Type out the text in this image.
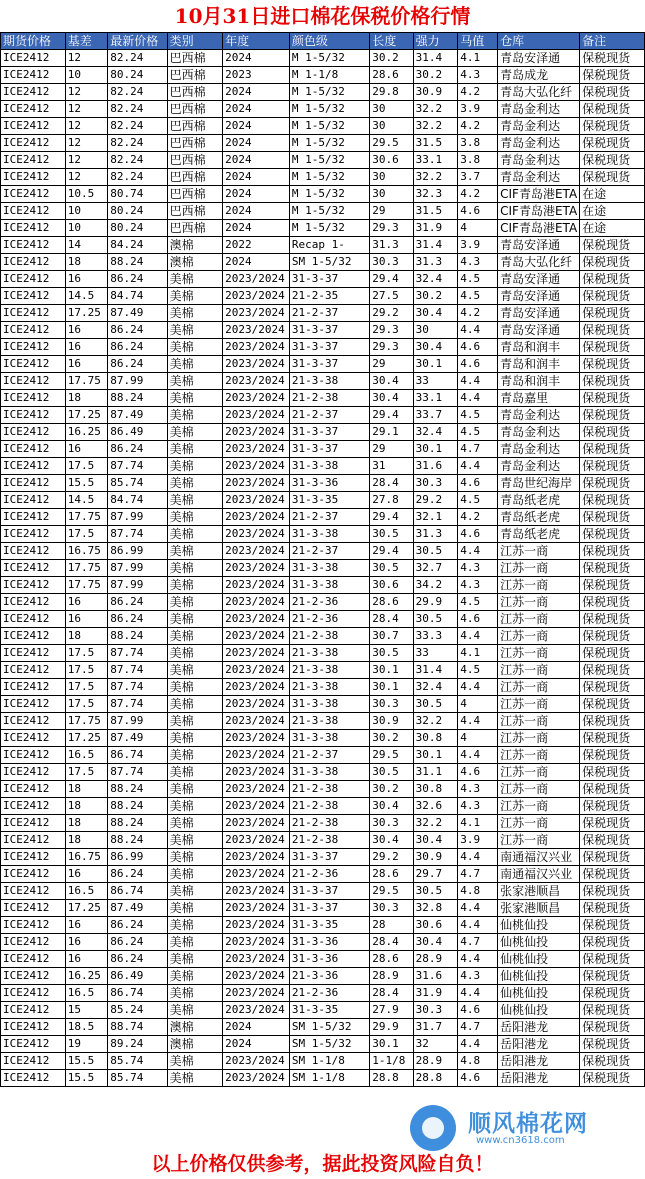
10月31日进口棉花保税价格行情
期货价格	基差	最新价格	类别	年度	颜色级	长度	强力	马值	仓库	备注
ICE2412	12	82.24	巴西棉	2024	M 1-5/32	30.2	31.4	4.1	青岛安泽通	保税现货
ICE2412	10	80.24	巴西棉	2023	M 1-1/8	28.6	30.2	4.3	青岛成龙	保税现货
ICE2412	12	82.24	巴西棉	2024	M 1-5/32	29.8	30.9	4.2	青岛大弘化纤	保税现货
ICE2412	12	82.24	巴西棉	2024	M 1-5/32	30	32.2	3.9	青岛金利达	保税现货
ICE2412	12	82.24	巴西棉	2024	M 1-5/32	30	32.2	4.2	青岛金利达	保税现货
ICE2412	12	82.24	巴西棉	2024	M 1-5/32	29.5	31.5	3.8	青岛金利达	保税现货
ICE2412	12	82.24	巴西棉	2024	M 1-5/32	30.6	33.1	3.8	青岛金利达	保税现货
ICE2412	12	82.24	巴西棉	2024	M 1-5/32	30	32.2	3.7	青岛金利达	保税现货
ICE2412	10.5	80.74	巴西棉	2024	M 1-5/32	30	32.3	4.2	CIF青岛港ETA	在途
ICE2412	10	80.24	巴西棉	2024	M 1-5/32	29	31.5	4.6	CIF青岛港ETA	在途
ICE2412	10	80.24	巴西棉	2024	M 1-5/32	29.3	31.9	4	CIF青岛港ETA	在途
ICE2412	14	84.24	澳棉	2022	Recap 1-	31.3	31.4	3.9	青岛安泽通	保税现货
ICE2412	18	88.24	澳棉	2024	SM 1-5/32	30.3	31.3	4.3	青岛大弘化纤	保税现货
ICE2412	16	86.24	美棉	2023/2024	31-3-37	29.4	32.4	4.5	青岛安泽通	保税现货
ICE2412	14.5	84.74	美棉	2023/2024	21-2-35	27.5	30.2	4.5	青岛安泽通	保税现货
ICE2412	17.25	87.49	美棉	2023/2024	21-2-37	29.2	30.4	4.2	青岛安泽通	保税现货
ICE2412	16	86.24	美棉	2023/2024	31-3-37	29.3	30	4.4	青岛安泽通	保税现货
ICE2412	16	86.24	美棉	2023/2024	31-3-37	29.3	30.4	4.6	青岛和润丰	保税现货
ICE2412	16	86.24	美棉	2023/2024	31-3-37	29	30.1	4.6	青岛和润丰	保税现货
ICE2412	17.75	87.99	美棉	2023/2024	21-3-38	30.4	33	4.4	青岛和润丰	保税现货
ICE2412	18	88.24	美棉	2023/2024	21-2-38	30.4	33.1	4.4	青岛嘉里	保税现货
ICE2412	17.25	87.49	美棉	2023/2024	21-2-37	29.4	33.7	4.5	青岛金利达	保税现货
ICE2412	16.25	86.49	美棉	2023/2024	31-3-37	29.1	32.4	4.5	青岛金利达	保税现货
ICE2412	16	86.24	美棉	2023/2024	31-3-37	29	30.1	4.7	青岛金利达	保税现货
ICE2412	17.5	87.74	美棉	2023/2024	31-3-38	31	31.6	4.4	青岛金利达	保税现货
ICE2412	15.5	85.74	美棉	2023/2024	31-3-36	28.4	30.3	4.6	青岛世纪海岸	保税现货
ICE2412	14.5	84.74	美棉	2023/2024	31-3-35	27.8	29.2	4.5	青岛纸老虎	保税现货
ICE2412	17.75	87.99	美棉	2023/2024	21-2-37	29.4	32.1	4.2	青岛纸老虎	保税现货
ICE2412	17.5	87.74	美棉	2023/2024	31-3-38	30.5	31.3	4.6	青岛纸老虎	保税现货
ICE2412	16.75	86.99	美棉	2023/2024	21-2-37	29.4	30.5	4.4	江苏一商	保税现货
ICE2412	17.75	87.99	美棉	2023/2024	31-3-38	30.5	32.7	4.3	江苏一商	保税现货
ICE2412	17.75	87.99	美棉	2023/2024	31-3-38	30.6	34.2	4.3	江苏一商	保税现货
ICE2412	16	86.24	美棉	2023/2024	21-2-36	28.6	29.9	4.5	江苏一商	保税现货
ICE2412	16	86.24	美棉	2023/2024	21-2-36	28.4	30.5	4.6	江苏一商	保税现货
ICE2412	18	88.24	美棉	2023/2024	21-2-38	30.7	33.3	4.4	江苏一商	保税现货
ICE2412	17.5	87.74	美棉	2023/2024	21-3-38	30.5	33	4.1	江苏一商	保税现货
ICE2412	17.5	87.74	美棉	2023/2024	21-3-38	30.1	31.4	4.5	江苏一商	保税现货
ICE2412	17.5	87.74	美棉	2023/2024	21-3-38	30.1	32.4	4.4	江苏一商	保税现货
ICE2412	17.5	87.74	美棉	2023/2024	31-3-38	30.3	30.5	4	江苏一商	保税现货
ICE2412	17.75	87.99	美棉	2023/2024	21-3-38	30.9	32.2	4.4	江苏一商	保税现货
ICE2412	17.25	87.49	美棉	2023/2024	31-3-38	30.2	30.8	4	江苏一商	保税现货
ICE2412	16.5	86.74	美棉	2023/2024	21-2-37	29.5	30.1	4.4	江苏一商	保税现货
ICE2412	17.5	87.74	美棉	2023/2024	31-3-38	30.5	31.1	4.6	江苏一商	保税现货
ICE2412	18	88.24	美棉	2023/2024	21-2-38	30.2	30.8	4.3	江苏一商	保税现货
ICE2412	18	88.24	美棉	2023/2024	21-2-38	30.4	32.6	4.3	江苏一商	保税现货
ICE2412	18	88.24	美棉	2023/2024	21-2-38	30.3	32.2	4.1	江苏一商	保税现货
ICE2412	18	88.24	美棉	2023/2024	21-2-38	30.4	30.4	3.9	江苏一商	保税现货
ICE2412	16.75	86.99	美棉	2023/2024	31-3-37	29.2	30.9	4.4	南通福汉兴业	保税现货
ICE2412	16	86.24	美棉	2023/2024	21-2-36	28.6	29.7	4.7	南通福汉兴业	保税现货
ICE2412	16.5	86.74	美棉	2023/2024	31-3-37	29.5	30.5	4.8	张家港顺昌	保税现货
ICE2412	17.25	87.49	美棉	2023/2024	31-3-37	30.3	32.8	4.4	张家港顺昌	保税现货
ICE2412	16	86.24	美棉	2023/2024	31-3-35	28	30.6	4.4	仙桃仙投	保税现货
ICE2412	16	86.24	美棉	2023/2024	31-3-36	28.4	30.4	4.7	仙桃仙投	保税现货
ICE2412	16	86.24	美棉	2023/2024	31-3-36	28.6	28.9	4.4	仙桃仙投	保税现货
ICE2412	16.25	86.49	美棉	2023/2024	21-3-36	28.9	31.6	4.3	仙桃仙投	保税现货
ICE2412	16.5	86.74	美棉	2023/2024	21-2-36	28.4	31.9	4.4	仙桃仙投	保税现货
ICE2412	15	85.24	美棉	2023/2024	31-3-35	27.9	30.3	4.6	仙桃仙投	保税现货
ICE2412	18.5	88.74	澳棉	2024	SM 1-5/32	29.9	31.7	4.7	岳阳港龙	保税现货
ICE2412	19	89.24	澳棉	2024	SM 1-5/32	30.1	32	4.4	岳阳港龙	保税现货
ICE2412	15.5	85.74	美棉	2023/2024	SM 1-1/8	1-1/8	28.9	4.8	岳阳港龙	保税现货
ICE2412	15.5	85.74	美棉	2023/2024	SM 1-1/8	28.8	28.8	4.6	岳阳港龙	保税现货
以上价格仅供参考，据此投资风险自负！
顺风棉花网
www.cn3618.com
